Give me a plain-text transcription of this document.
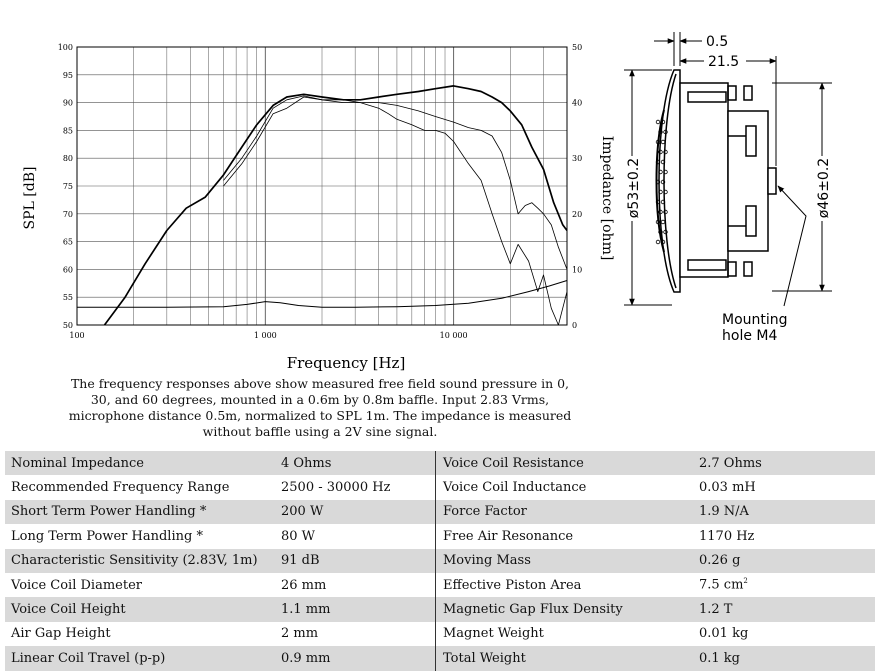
50
55
60
65
70
75
80
85
90
95
100
0
10
20
30
40
50
100	1 000	10 000
SPL [dB]	Impedance [ohm]
Frequency [Hz]
0.5
21.5
ø53±0.2	ø46±0.2
Mounting
hole M4

The frequency responses above show measured free field sound pressure in 0, 30, and 60 degrees, mounted in a 0.6m by 0.8m baffle. Input 2.83 Vrms, microphone distance 0.5m, normalized to SPL 1m. The impedance is measured without baffle using a 2V sine signal.

Nominal Impedance	4 Ohms	Voice Coil Resistance	2.7 Ohms
Recommended Frequency Range	2500 - 30000 Hz	Voice Coil Inductance	0.03 mH
Short Term Power Handling *	200 W	Force Factor	1.9 N/A
Long Term Power Handling *	80 W	Free Air Resonance	1170 Hz
Characteristic Sensitivity (2.83V, 1m)	91 dB	Moving Mass	0.26 g
Voice Coil Diameter	26 mm	Effective Piston Area	7.5 $cm^2$
Voice Coil Height	1.1 mm	Magnetic Gap Flux Density	1.2 T
Air Gap Height	2 mm	Magnet Weight	0.01 kg
Linear Coil Travel (p-p)	0.9 mm	Total Weight	0.1 kg
